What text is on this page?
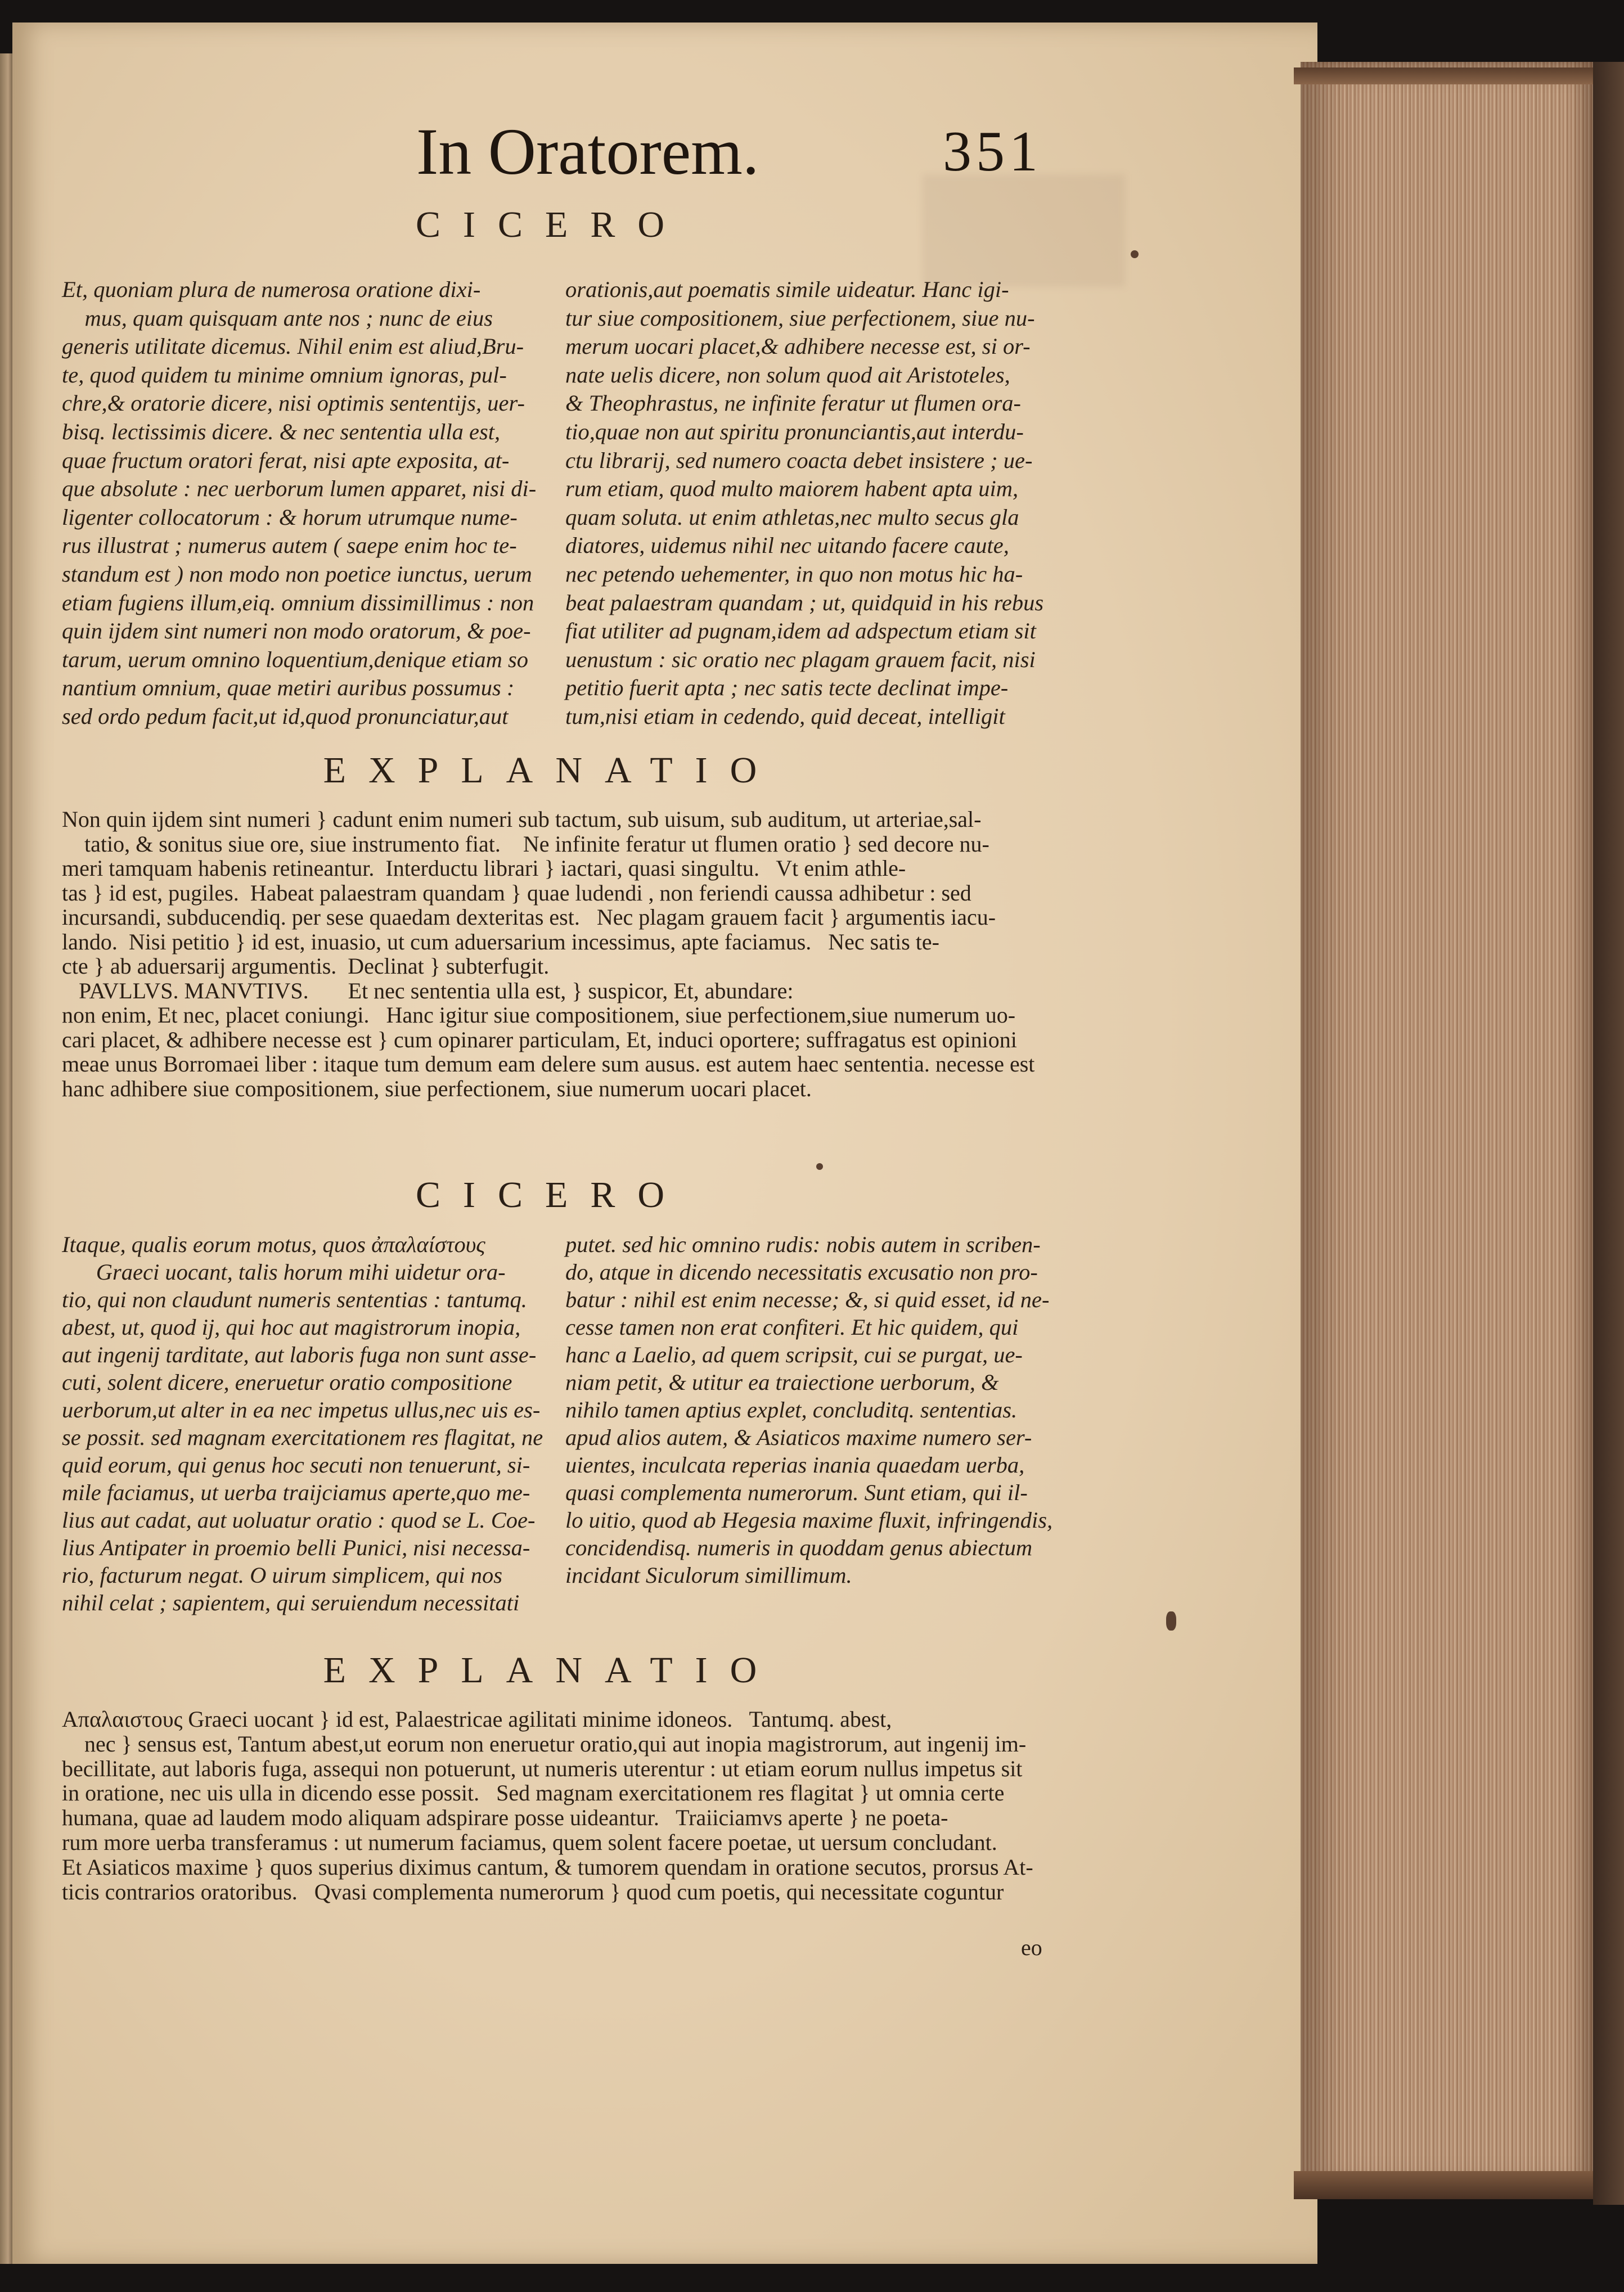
In Oratorem.	351
CICERO

Et, quoniam plura de numerosa oratione dixi-
mus, quam quisquam ante nos ; nunc de eius
generis utilitate dicemus. Nihil enim est aliud,Bru-
te, quod quidem tu minime omnium ignoras, pul-
chre,& oratorie dicere, nisi optimis sententijs, uer-
bisq. lectissimis dicere. & nec sententia ulla est,
quae fructum oratori ferat, nisi apte exposita, at-
que absolute : nec uerborum lumen apparet, nisi di-
ligenter collocatorum : & horum utrumque nume-
rus illustrat ; numerus autem ( saepe enim hoc te-
standum est ) non modo non poetice iunctus, uerum
etiam fugiens illum,eiq. omnium dissimillimus : non
quin ijdem sint numeri non modo oratorum, & poe-
tarum, uerum omnino loquentium,denique etiam so
nantium omnium, quae metiri auribus possumus :
sed ordo pedum facit,ut id,quod pronunciatur,aut

orationis,aut poematis simile uideatur. Hanc igi-
tur siue compositionem, siue perfectionem, siue nu-
merum uocari placet,& adhibere necesse est, si or-
nate uelis dicere, non solum quod ait Aristoteles,
& Theophrastus, ne infinite feratur ut flumen ora-
tio,quae non aut spiritu pronunciantis,aut interdu-
ctu librarij, sed numero coacta debet insistere ; ue-
rum etiam, quod multo maiorem habent apta uim,
quam soluta. ut enim athletas,nec multo secus gla
diatores, uidemus nihil nec uitando facere caute,
nec petendo uehementer, in quo non motus hic ha-
beat palaestram quandam ; ut, quidquid in his rebus
fiat utiliter ad pugnam,idem ad adspectum etiam sit
uenustum : sic oratio nec plagam grauem facit, nisi
petitio fuerit apta ; nec satis tecte declinat impe-
tum,nisi etiam in cedendo, quid deceat, intelligit

EXPLANATIO

Non quin ijdem sint numeri } cadunt enim numeri sub tactum, sub uisum, sub auditum, ut arteriae,sal-
tatio, & sonitus siue ore, siue instrumento fiat.    Ne infinite feratur ut flumen oratio } sed decore nu-
meri tamquam habenis retineantur.  Interductu librari } iactari, quasi singultu.   Vt enim athle-
tas } id est, pugiles.  Habeat palaestram quandam } quae ludendi , non feriendi caussa adhibetur : sed
incursandi, subducendiq. per sese quaedam dexteritas est.   Nec plagam grauem facit } argumentis iacu-
lando.  Nisi petitio } id est, inuasio, ut cum aduersarium incessimus, apte faciamus.   Nec satis te-
cte } ab aduersarij argumentis.  Declinat } subterfugit.
PAVLLVS. MANVTIVS.       Et nec sententia ulla est, } suspicor, Et, abundare:
non enim, Et nec, placet coniungi.   Hanc igitur siue compositionem, siue perfectionem,siue numerum uo-
cari placet, & adhibere necesse est } cum opinarer particulam, Et, induci oportere; suffragatus est opinioni
meae unus Borromaei liber : itaque tum demum eam delere sum ausus. est autem haec sententia. necesse est
hanc adhibere siue compositionem, siue perfectionem, siue numerum uocari placet.

CICERO

Itaque, qualis eorum motus, quos ἀπαλαίστους
Graeci uocant, talis horum mihi uidetur ora-
tio, qui non claudunt numeris sententias : tantumq.
abest, ut, quod ij, qui hoc aut magistrorum inopia,
aut ingenij tarditate, aut laboris fuga non sunt asse-
cuti, solent dicere, eneruetur oratio compositione
uerborum,ut alter in ea nec impetus ullus,nec uis es-
se possit. sed magnam exercitationem res flagitat, ne
quid eorum, qui genus hoc secuti non tenuerunt, si-
mile faciamus, ut uerba traijciamus aperte,quo me-
lius aut cadat, aut uoluatur oratio : quod se L. Coe-
lius Antipater in proemio belli Punici, nisi necessa-
rio, facturum negat. O uirum simplicem, qui nos
nihil celat ; sapientem, qui seruiendum necessitati

putet. sed hic omnino rudis: nobis autem in scriben-
do, atque in dicendo necessitatis excusatio non pro-
batur : nihil est enim necesse; &, si quid esset, id ne-
cesse tamen non erat confiteri. Et hic quidem, qui
hanc a Laelio, ad quem scripsit, cui se purgat, ue-
niam petit, & utitur ea traiectione uerborum, &
nihilo tamen aptius explet, concluditq. sententias.
apud alios autem, & Asiaticos maxime numero ser-
uientes, inculcata reperias inania quaedam uerba,
quasi complementa numerorum. Sunt etiam, qui il-
lo uitio, quod ab Hegesia maxime fluxit, infringendis,
concidendisq. numeris in quoddam genus abiectum
incidant Siculorum simillimum.

EXPLANATIO

Απαλαιστους Graeci uocant } id est, Palaestricae agilitati minime idoneos.   Tantumq. abest,
nec } sensus est, Tantum abest,ut eorum non eneruetur oratio,qui aut inopia magistrorum, aut ingenij im-
becillitate, aut laboris fuga, assequi non potuerunt, ut numeris uterentur : ut etiam eorum nullus impetus sit
in oratione, nec uis ulla in dicendo esse possit.   Sed magnam exercitationem res flagitat } ut omnia certe
humana, quae ad laudem modo aliquam adspirare posse uideantur.   Traiiciamvs aperte } ne poeta-
rum more uerba transferamus : ut numerum faciamus, quem solent facere poetae, ut uersum concludant.
Et Asiaticos maxime } quos superius diximus cantum, & tumorem quendam in oratione secutos, prorsus At-
ticis contrarios oratoribus.   Qvasi complementa numerorum } quod cum poetis, qui necessitate coguntur

eo
